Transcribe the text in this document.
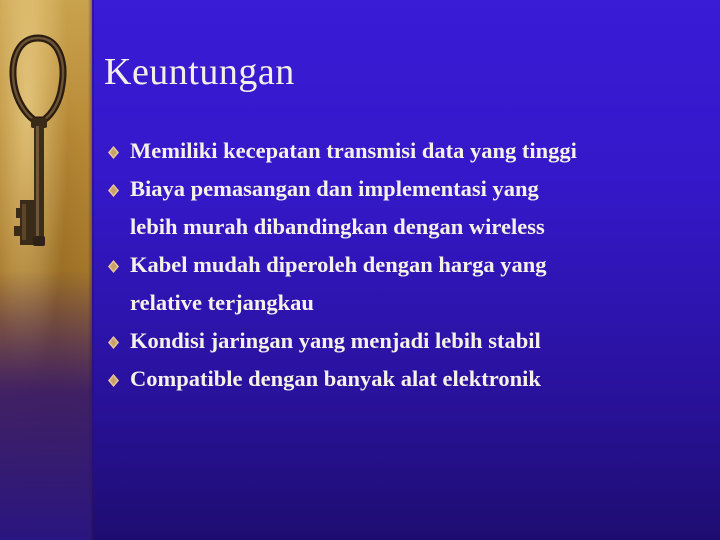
Keuntungan
Memiliki kecepatan transmisi data yang tinggi
Biaya pemasangan dan implementasi yang
lebih murah dibandingkan dengan wireless
Kabel mudah diperoleh dengan harga yang
relative terjangkau
Kondisi jaringan yang menjadi lebih stabil
Compatible dengan banyak alat elektronik
